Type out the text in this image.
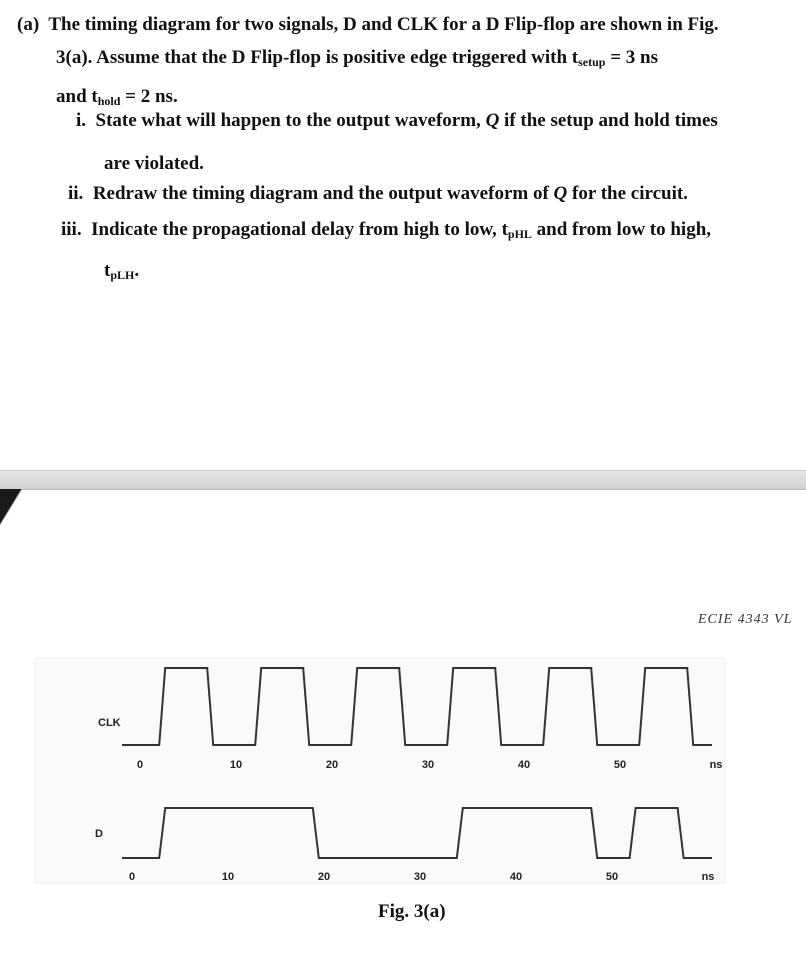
(a) The timing diagram for two signals, D and CLK for a D Flip-flop are shown in Fig.
3(a). Assume that the D Flip-flop is positive edge triggered with $t_{setup} = 3$ ns
and $t_{hold} = 2$ ns.
i. State what will happen to the output waveform, Q if the setup and hold times
are violated.
ii. Redraw the timing diagram and the output waveform of Q for the circuit.
iii. Indicate the propagational delay from high to low, $t_{pHL}$ and from low to high,
$t_{pLH}$.
ECIE 4343 VL
CLK
D
0	10	20	30	40	50	ns
0	10	20	30	40	50	ns
Fig. 3(a)
